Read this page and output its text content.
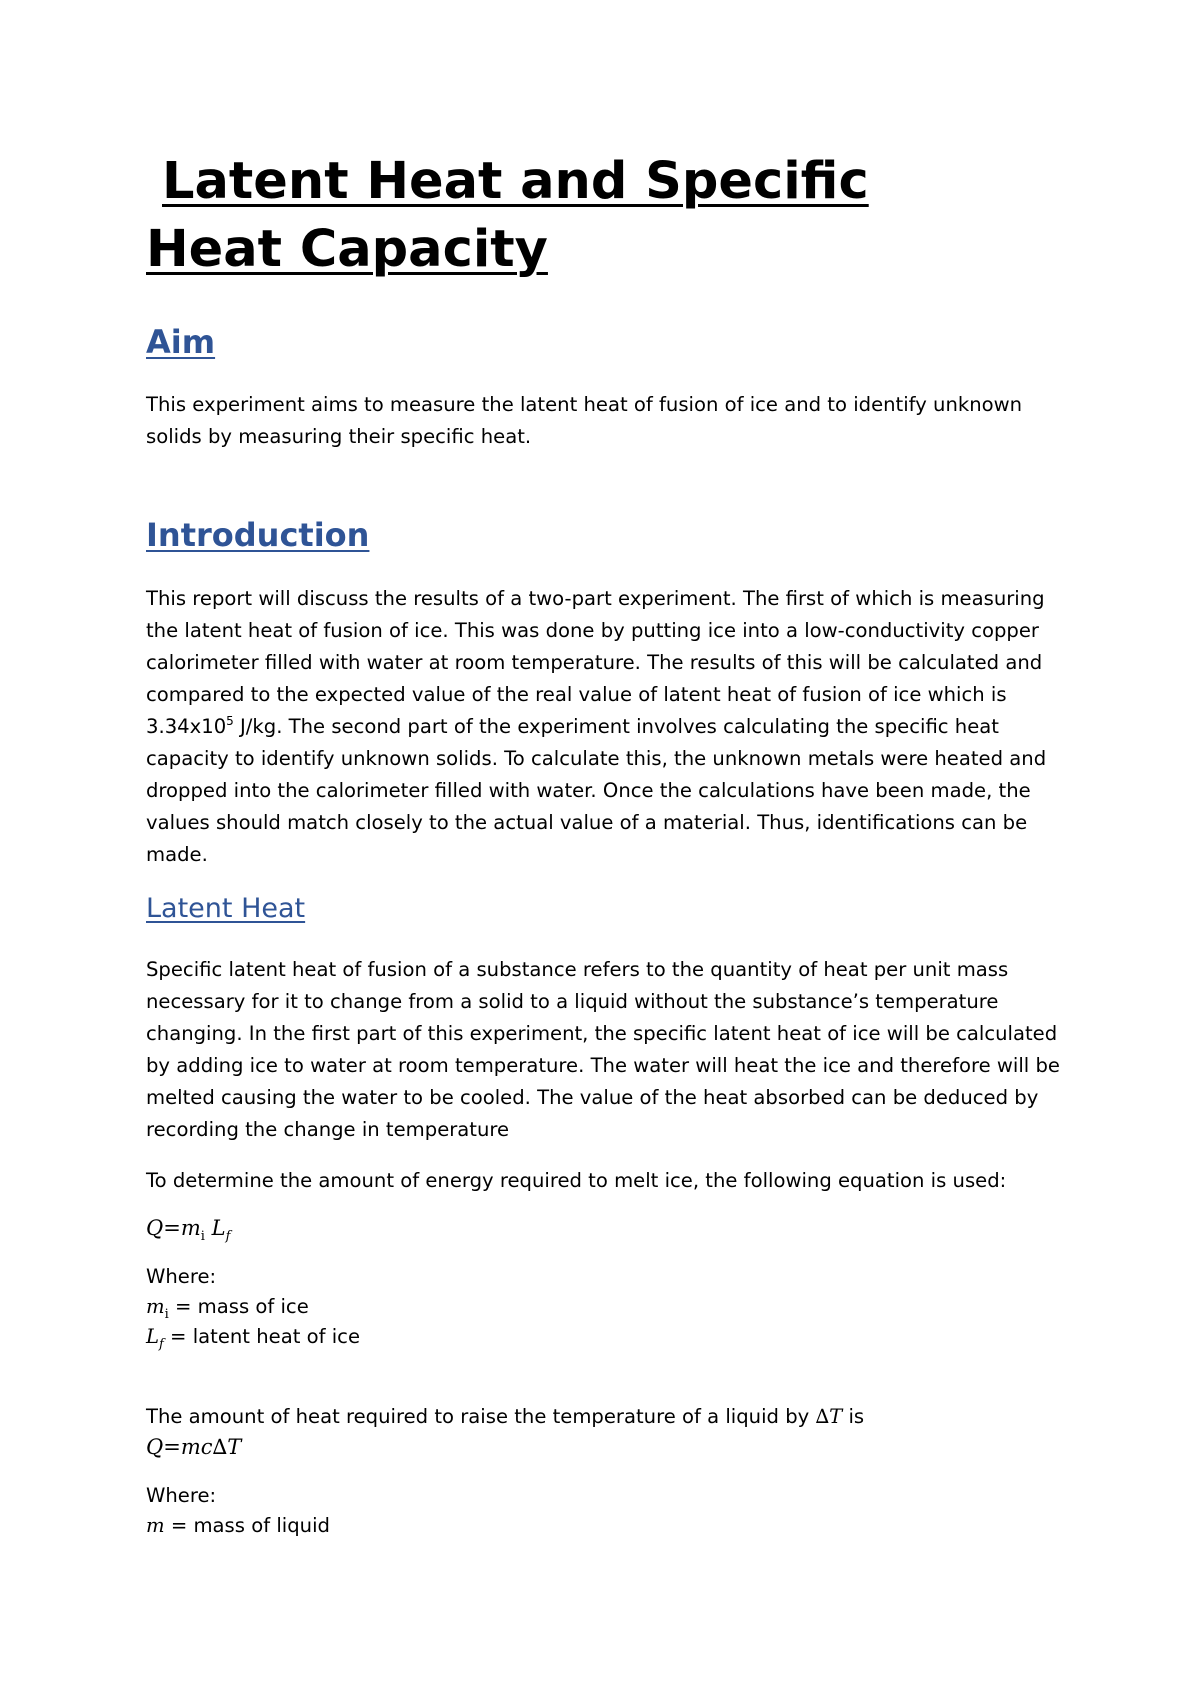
Latent Heat and Specific
Heat Capacity
Aim

This experiment aims to measure the latent heat of fusion of ice and to identify unknown solids by measuring their specific heat.

Introduction

This report will discuss the results of a two-part experiment. The first of which is measuring the latent heat of fusion of ice. This was done by putting ice into a low-conductivity copper calorimeter filled with water at room temperature. The results of this will be calculated and compared to the expected value of the real value of latent heat of fusion of ice which is $3.34x10^5$ J/kg. The second part of the experiment involves calculating the specific heat capacity to identify unknown solids. To calculate this, the unknown metals were heated and dropped into the calorimeter filled with water. Once the calculations have been made, the values should match closely to the actual value of a material. Thus, identifications can be made.

Latent Heat

Specific latent heat of fusion of a substance refers to the quantity of heat per unit mass necessary for it to change from a solid to a liquid without the substance’s temperature changing. In the first part of this experiment, the specific latent heat of ice will be calculated by adding ice to water at room temperature. The water will heat the ice and therefore will be melted causing the water to be cooled. The value of the heat absorbed can be deduced by recording the change in temperature

To determine the amount of energy required to melt ice, the following equation is used:

$Q=m_i$ $L_f$

Where:

$m_i$ = mass of ice

$L_f$ = latent heat of ice

The amount of heat required to raise the temperature of a liquid by ∆T is

Q=mc∆T

Where:

m = mass of liquid
